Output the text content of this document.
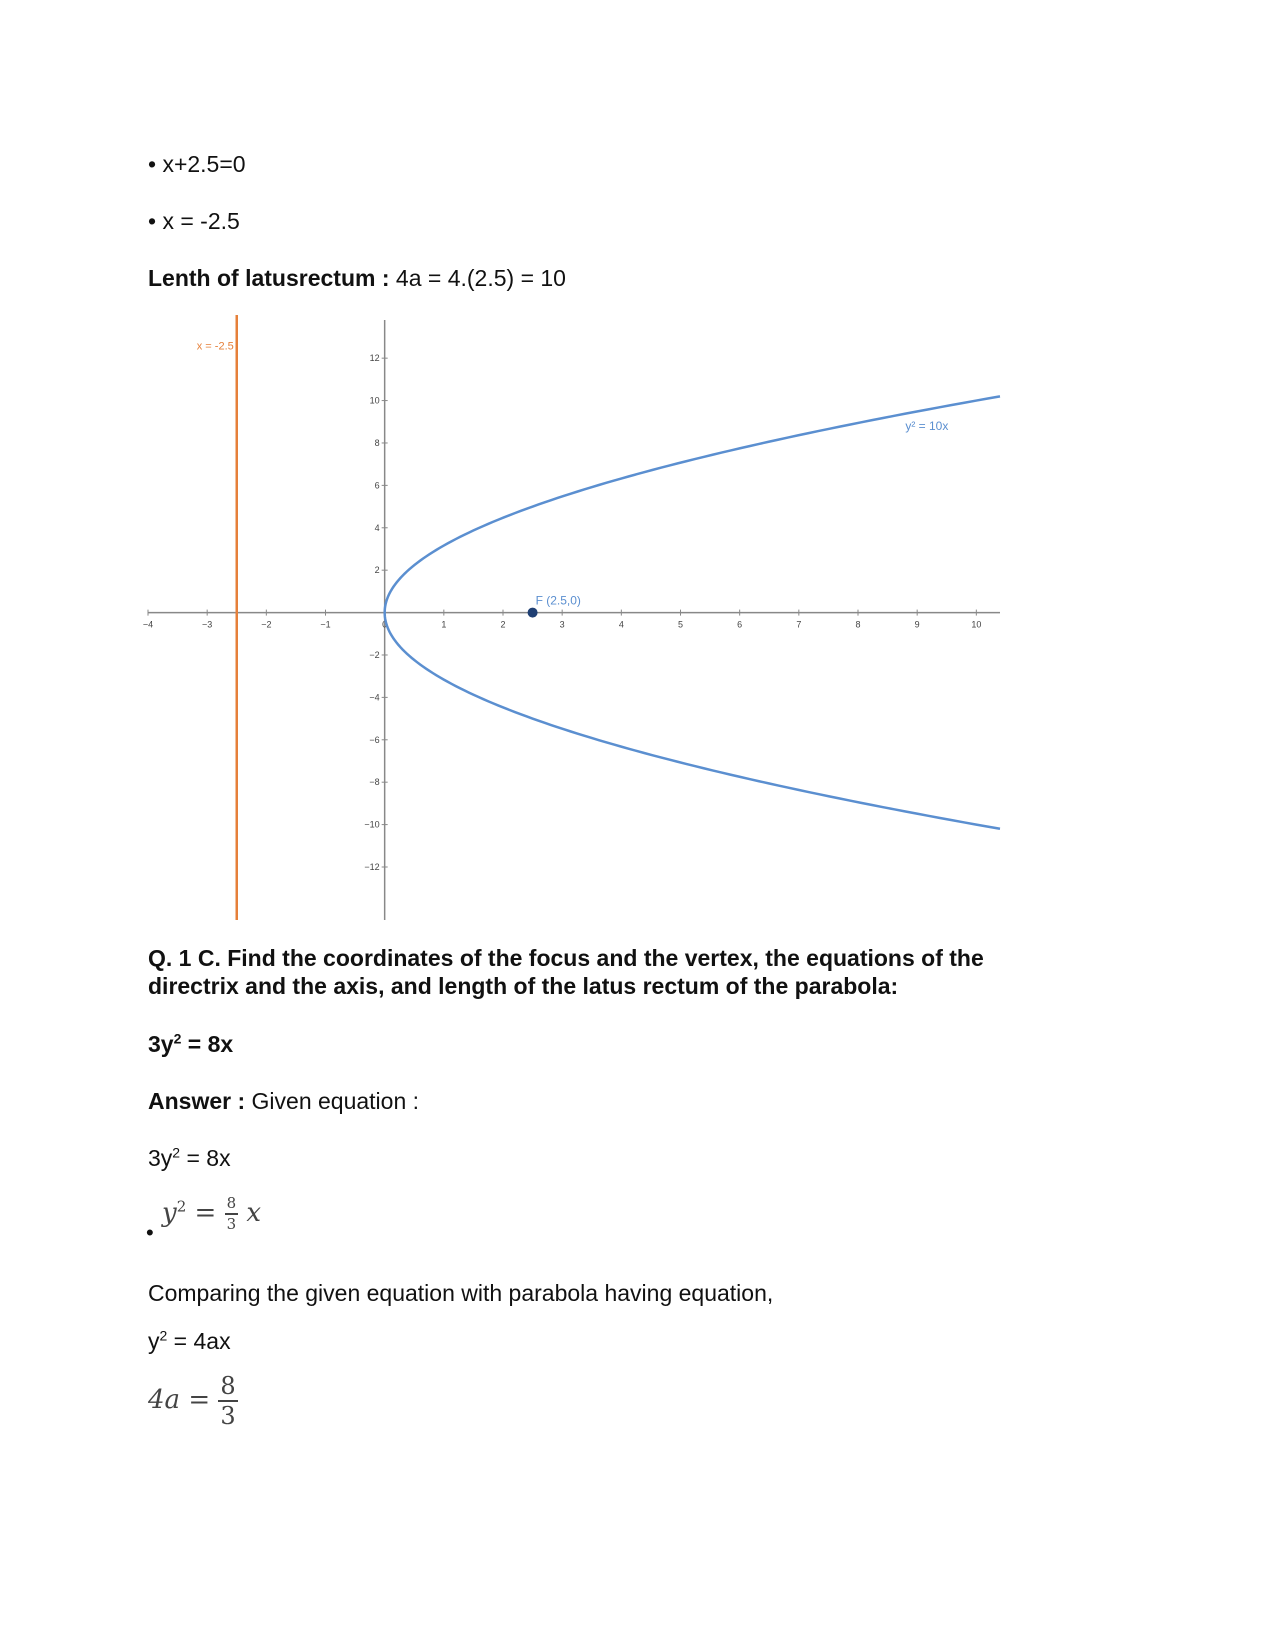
• x+2.5=0
• x = -2.5
Lenth of latusrectum : 4a = 4.(2.5) = 10
−4	−3	−2	−1	0	1	2	3	4	5	6	7	8	9	10
12
10
8
6
4
2
−2
−4
−6
−8
−10
−12
x = -2.5
y² = 10x
F (2.5,0)
Q. 1 C. Find the coordinates of the focus and the vertex, the equations of the
directrix and the axis, and length of the latus rectum of the parabola:
$3y^2 = 8x$
Answer : Given equation :
$3y^2 = 8x$
•
$y^2 = \frac{8}{3}$ x
Comparing the given equation with parabola having equation,
$y^2 = 4ax$
$4a = \frac{8}{3}$
